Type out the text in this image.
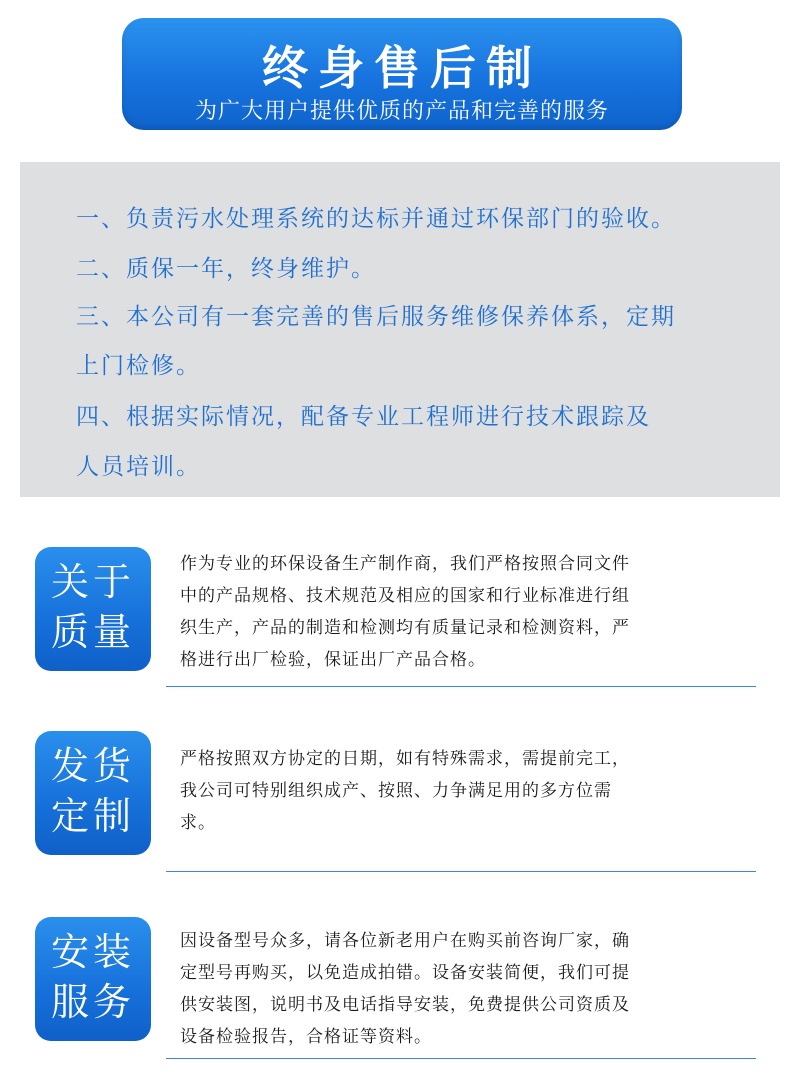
终身售后制
为广大用户提供优质的产品和完善的服务
一、负责污水处理系统的达标并通过环保部门的验收。
二、质保一年，终身维护。
三、本公司有一套完善的售后服务维修保养体系，定期
上门检修。
四、根据实际情况，配备专业工程师进行技术跟踪及
人员培训。
关于
质量
作为专业的环保设备生产制作商，我们严格按照合同文件
中的产品规格、技术规范及相应的国家和行业标准进行组
织生产，产品的制造和检测均有质量记录和检测资料，严
格进行出厂检验，保证出厂产品合格。
发货
定制
严格按照双方协定的日期，如有特殊需求，需提前完工，
我公司可特别组织成产、按照、力争满足用的多方位需
求。
安装
服务
因设备型号众多，请各位新老用户在购买前咨询厂家，确
定型号再购买，以免造成拍错。设备安装简便，我们可提
供安装图，说明书及电话指导安装，免费提供公司资质及
设备检验报告，合格证等资料。
